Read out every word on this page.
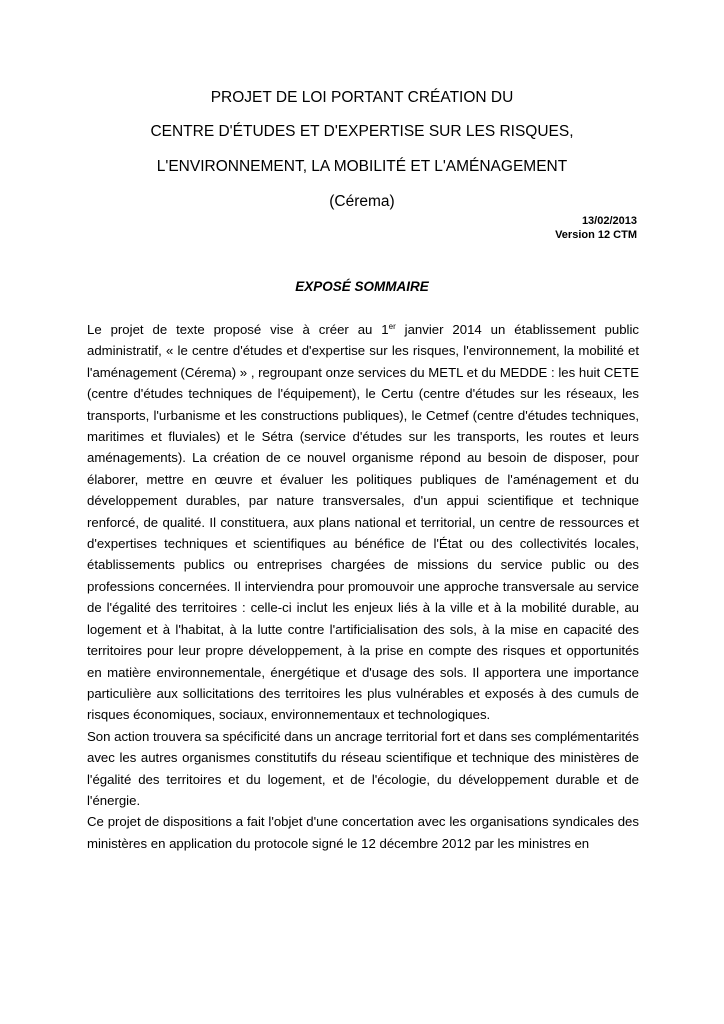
PROJET DE LOI PORTANT CRÉATION DU
CENTRE D'ÉTUDES ET D'EXPERTISE SUR LES RISQUES,
L'ENVIRONNEMENT, LA MOBILITÉ ET L'AMÉNAGEMENT
(Cérema)
13/02/2013
Version 12 CTM
EXPOSÉ SOMMAIRE

Le projet de texte proposé vise à créer au 1er janvier 2014 un établissement public administratif, « le centre d'études et d'expertise sur les risques, l'environnement, la mobilité et l'aménagement (Cérema) » , regroupant onze services du METL et du MEDDE : les huit CETE (centre d'études techniques de l'équipement), le Certu (centre d'études sur les réseaux, les transports, l'urbanisme et les constructions publiques), le Cetmef (centre d'études techniques, maritimes et fluviales) et le Sétra (service d'études sur les transports, les routes et leurs aménagements). La création de ce nouvel organisme répond au besoin de disposer, pour élaborer, mettre en œuvre et évaluer les politiques publiques de l'aménagement et du développement durables, par nature transversales, d'un appui scientifique et technique renforcé, de qualité. Il constituera, aux plans national et territorial, un centre de ressources et d'expertises techniques et scientifiques au bénéfice de l'État ou des collectivités locales, établissements publics ou entreprises chargées de missions du service public ou des professions concernées. Il interviendra pour promouvoir une approche transversale au service de l'égalité des territoires : celle-ci inclut les enjeux liés à la ville et à la mobilité durable, au logement et à l'habitat, à la lutte contre l'artificialisation des sols, à la mise en capacité des territoires pour leur propre développement, à la prise en compte des risques et opportunités en matière environnementale, énergétique et d'usage des sols. Il apportera une importance particulière aux sollicitations des territoires les plus vulnérables et exposés à des cumuls de risques économiques, sociaux, environnementaux et technologiques.

Son action trouvera sa spécificité dans un ancrage territorial fort et dans ses complémentarités avec les autres organismes constitutifs du réseau scientifique et technique des ministères de l'égalité des territoires et du logement, et de l'écologie, du développement durable et de l'énergie.

Ce projet de dispositions a fait l'objet d'une concertation avec les organisations syndicales des ministères en application du protocole signé le 12 décembre 2012 par les ministres en
